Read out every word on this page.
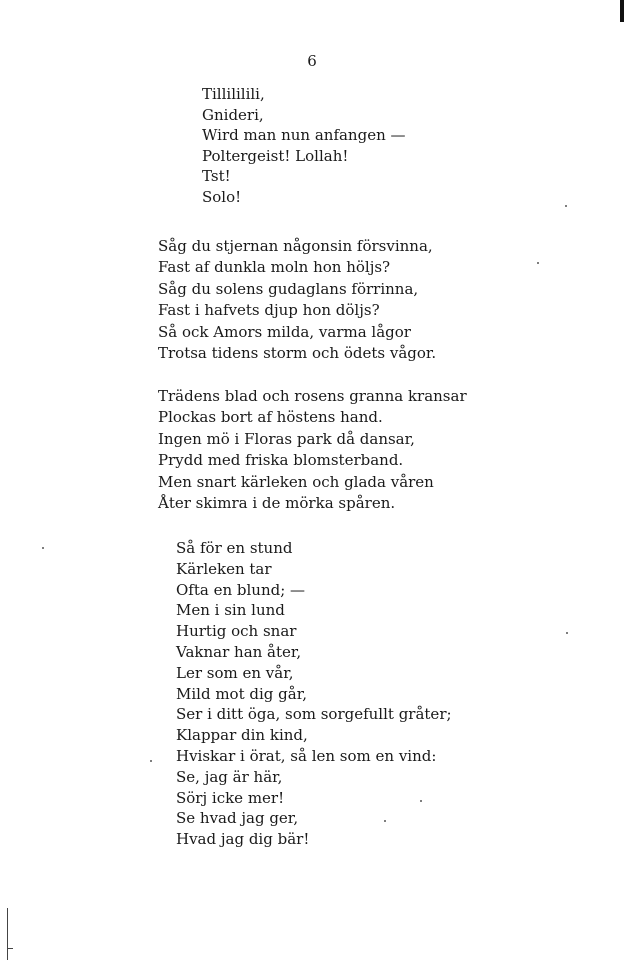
6
Tillililili,
Gnideri,
Wird man nun anfangen —
Poltergeist! Lollah!
Tst!
Solo!
Såg du stjernan någonsin försvinna,
Fast af dunkla moln hon höljs?
Såg du solens gudaglans förrinna,
Fast i hafvets djup hon döljs?
Så ock Amors milda, varma lågor
Trotsa tidens storm och ödets vågor.
Trädens blad och rosens granna kransar
Plockas bort af höstens hand.
Ingen mö i Floras park då dansar,
Prydd med friska blomsterband.
Men snart kärleken och glada våren
Åter skimra i de mörka spåren.
Så för en stund
Kärleken tar
Ofta en blund; —
Men i sin lund
Hurtig och snar
Vaknar han åter,
Ler som en vår,
Mild mot dig går,
Ser i ditt öga, som sorgefullt gråter;
Klappar din kind,
Hviskar i örat, så len som en vind:
Se, jag är här,
Sörj icke mer!
Se hvad jag ger,
Hvad jag dig bär!
